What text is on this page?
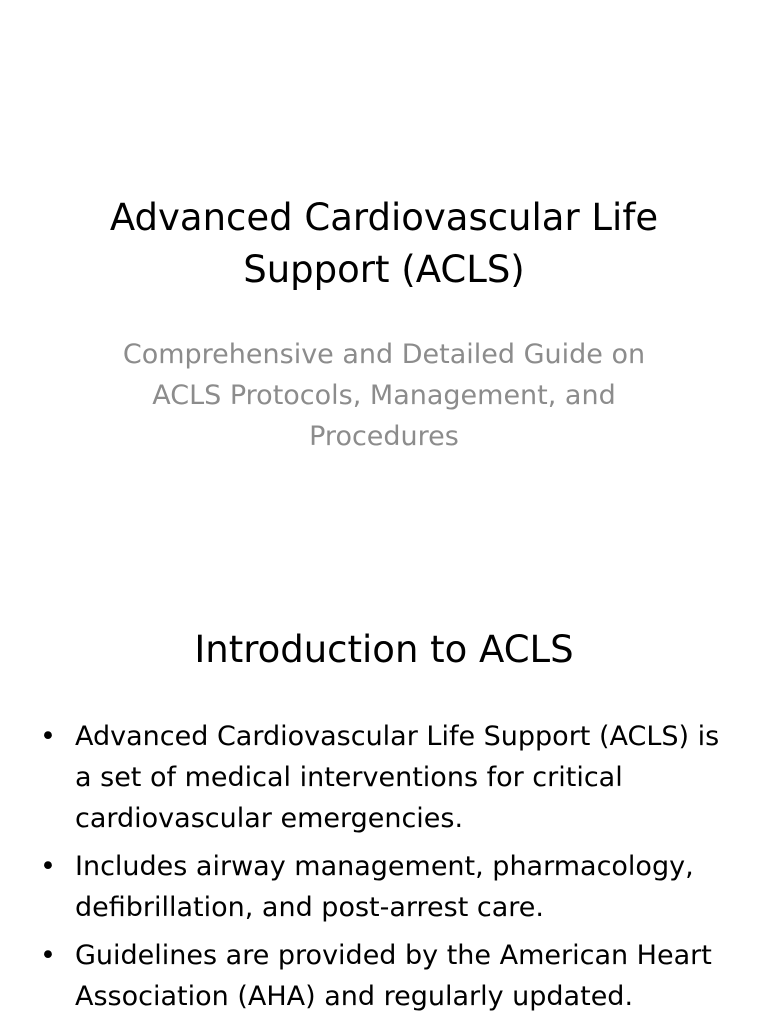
Advanced Cardiovascular Life Support (ACLS)

Comprehensive and Detailed Guide on ACLS Protocols, Management, and Procedures

Introduction to ACLS
• Advanced Cardiovascular Life Support (ACLS) is a set of medical interventions for critical cardiovascular emergencies.
• Includes airway management, pharmacology, defibrillation, and post-arrest care.
• Guidelines are provided by the American Heart Association (AHA) and regularly updated.
